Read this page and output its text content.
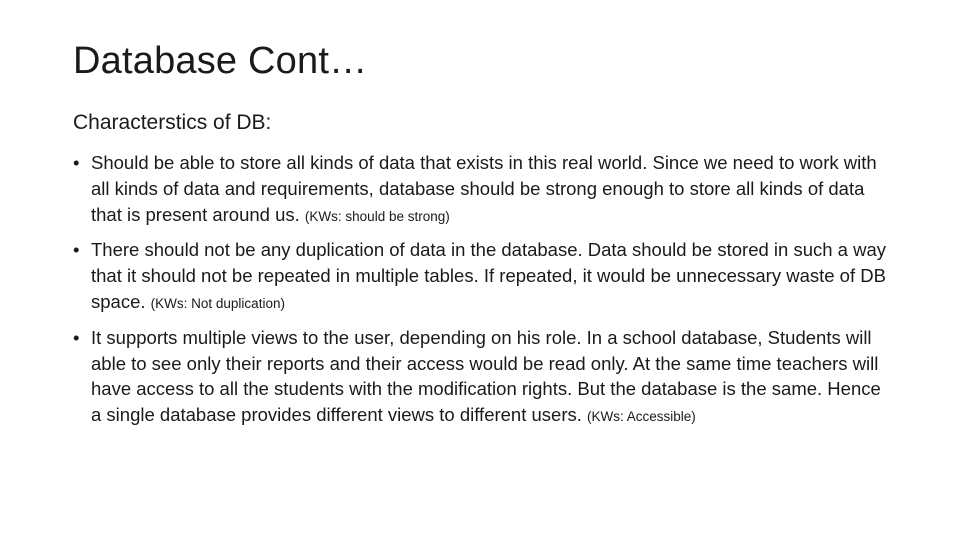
Database Cont…

Characterstics of DB:

• Should be able to store all kinds of data that exists in this real world. Since we need to work with all kinds of data and requirements, database should be strong enough to store all kinds of data that is present around us. (KWs: should be strong)
• There should not be any duplication of data in the database. Data should be stored in such a way that it should not be repeated in multiple tables. If repeated, it would be unnecessary waste of DB space. (KWs: Not duplication)
• It supports multiple views to the user, depending on his role. In a school database, Students will able to see only their reports and their access would be read only. At the same time teachers will have access to all the students with the modification rights. But the database is the same. Hence a single database provides different views to different users. (KWs: Accessible)
